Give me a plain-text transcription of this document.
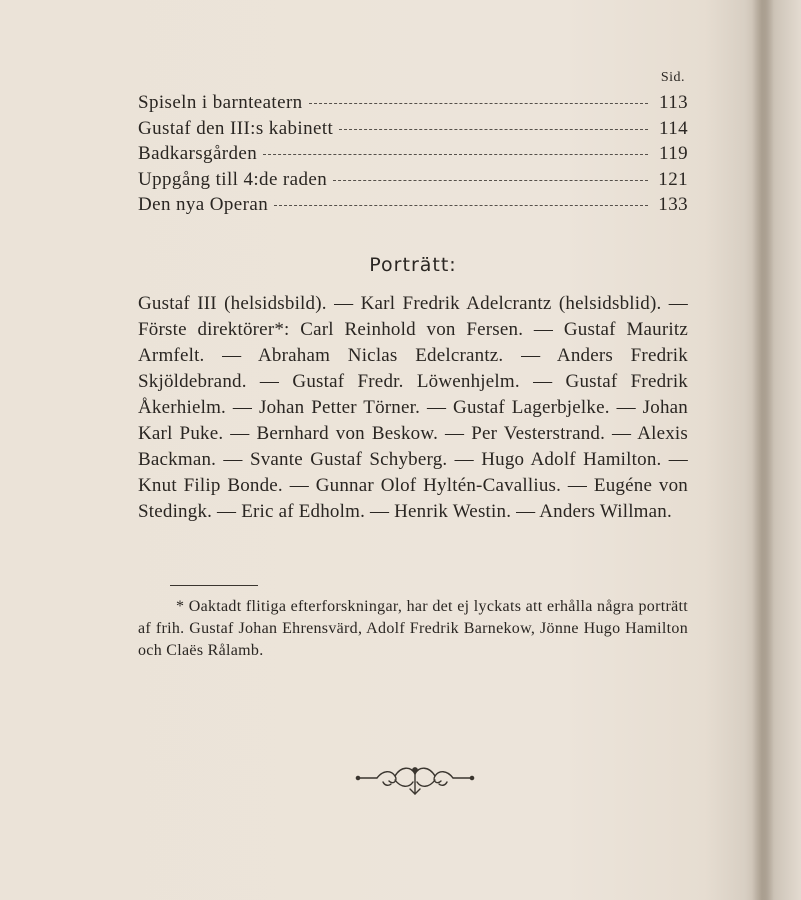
Sid.
Spiseln i barnteatern	113
Gustaf den III:s kabinett	114
Badkarsgården	119
Uppgång till 4:de raden	121
Den nya Operan	133
Porträtt:

Gustaf III (helsidsbild). — Karl Fredrik Adelcrantz (helsidsblid). — Förste direktörer*: Carl Reinhold von Fersen. — Gustaf Mauritz Armfelt. — Abraham Niclas Edelcrantz. — Anders Fredrik Skjöldebrand. — Gustaf Fredr. Löwenhjelm. — Gustaf Fredrik Åkerhielm. — Johan Petter Törner. — Gustaf Lagerbjelke. — Johan Karl Puke. — Bernhard von Beskow. — Per Vesterstrand. — Alexis Backman. — Svante Gustaf Schyberg. — Hugo Adolf Hamilton. — Knut Filip Bonde. — Gunnar Olof Hyltén-Cavallius. — Eugéne von Stedingk. — Eric af Edholm. — Henrik Westin. — Anders Willman.

* Oaktadt flitiga efterforskningar, har det ej lyckats att erhålla några porträtt af frih. Gustaf Johan Ehrensvärd, Adolf Fredrik Barnekow, Jönne Hugo Hamilton och Claës Rålamb.
